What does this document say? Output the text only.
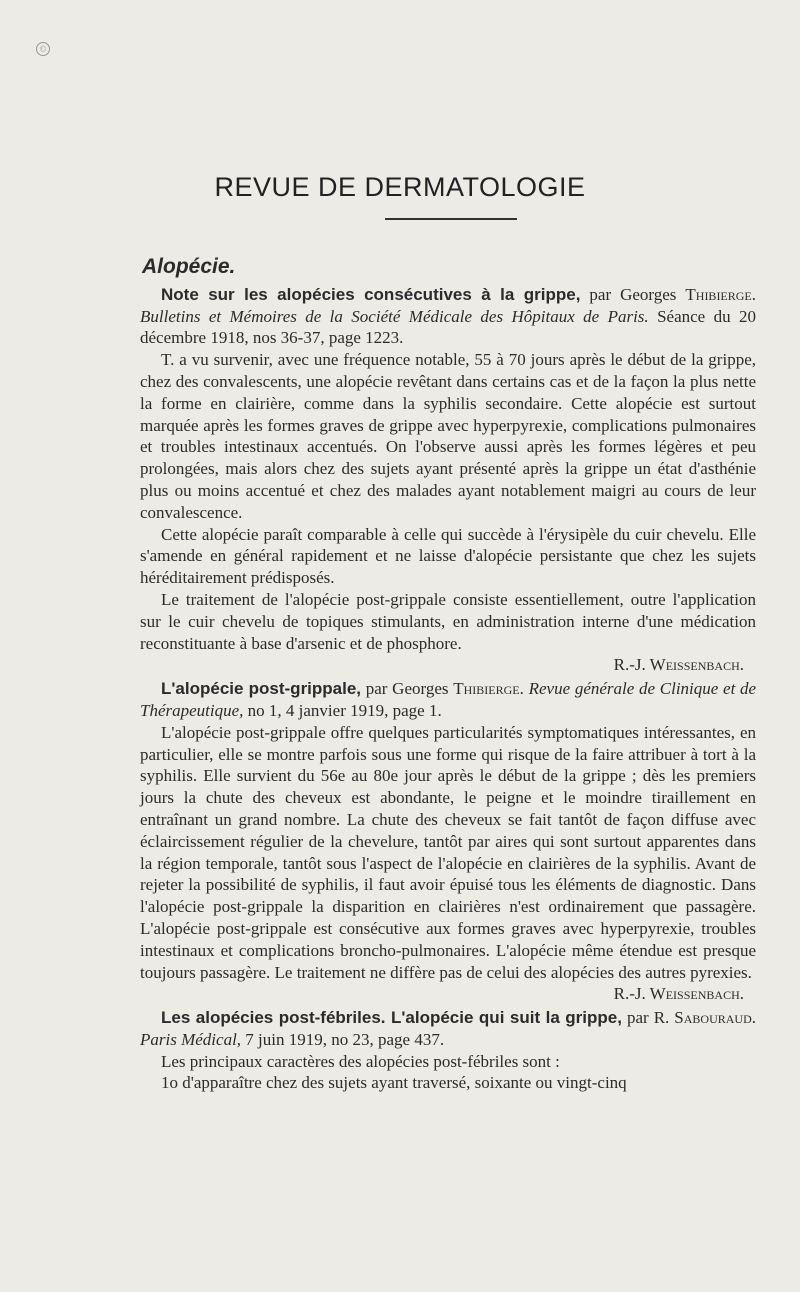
©
REVUE DE DERMATOLOGIE
Alopécie.

Note sur les alopécies consécutives à la grippe, par Georges Thibierge. Bulletins et Mémoires de la Société Médicale des Hôpitaux de Paris. Séance du 20 décembre 1918, nos 36-37, page 1223.

T. a vu survenir, avec une fréquence notable, 55 à 70 jours après le début de la grippe, chez des convalescents, une alopécie revêtant dans certains cas et de la façon la plus nette la forme en clairière, comme dans la syphilis secondaire. Cette alopécie est surtout marquée après les formes graves de grippe avec hyperpyrexie, complications pulmonaires et troubles intestinaux accentués. On l'observe aussi après les formes légères et peu prolongées, mais alors chez des sujets ayant présenté après la grippe un état d'asthénie plus ou moins accentué et chez des malades ayant notablement maigri au cours de leur convalescence.

Cette alopécie paraît comparable à celle qui succède à l'érysipèle du cuir chevelu. Elle s'amende en général rapidement et ne laisse d'alopécie persistante que chez les sujets héréditairement prédisposés.

Le traitement de l'alopécie post-grippale consiste essentiellement, outre l'application sur le cuir chevelu de topiques stimulants, en administration interne d'une médication reconstituante à base d'arsenic et de phosphore.

R.-J. Weissenbach.

L'alopécie post-grippale, par Georges Thibierge. Revue générale de Clinique et de Thérapeutique, no 1, 4 janvier 1919, page 1.

L'alopécie post-grippale offre quelques particularités symptomatiques intéressantes, en particulier, elle se montre parfois sous une forme qui risque de la faire attribuer à tort à la syphilis. Elle survient du 56e au 80e jour après le début de la grippe ; dès les premiers jours la chute des cheveux est abondante, le peigne et le moindre tiraillement en entraînant un grand nombre. La chute des cheveux se fait tantôt de façon diffuse avec éclaircissement régulier de la chevelure, tantôt par aires qui sont surtout apparentes dans la région temporale, tantôt sous l'aspect de l'alopécie en clairières de la syphilis. Avant de rejeter la possibilité de syphilis, il faut avoir épuisé tous les éléments de diagnostic. Dans l'alopécie post-grippale la disparition en clairières n'est ordinairement que passagère. L'alopécie post-grippale est consécutive aux formes graves avec hyperpyrexie, troubles intestinaux et complications broncho-pulmonaires. L'alopécie même étendue est presque toujours passagère. Le traitement ne diffère pas de celui des alopécies des autres pyrexies.

R.-J. Weissenbach.

Les alopécies post-fébriles. L'alopécie qui suit la grippe, par R. Sabouraud. Paris Médical, 7 juin 1919, no 23, page 437.

Les principaux caractères des alopécies post-fébriles sont :

1o d'apparaître chez des sujets ayant traversé, soixante ou vingt-cinq
